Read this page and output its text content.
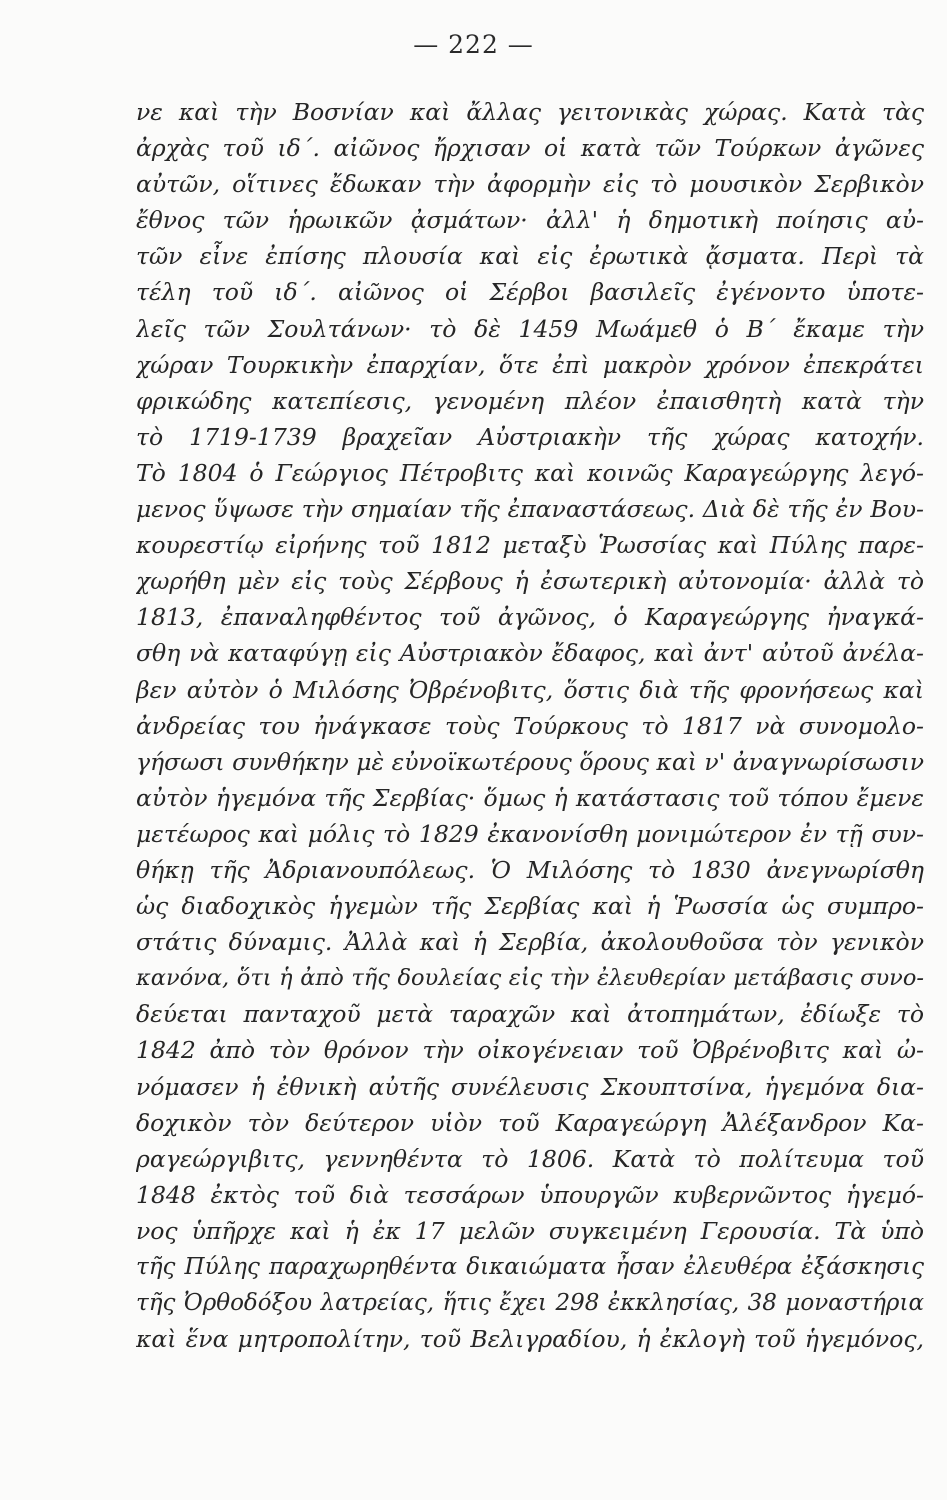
— 222 —
νε καὶ τὴν Βοσνίαν καὶ ἄλλας γειτονικὰς χώρας. Κατὰ τὰς
ἀρχὰς τοῦ ιδ΄. αἰῶνος ἤρχισαν οἱ κατὰ τῶν Τούρκων ἀγῶνες
αὐτῶν, οἵτινες ἔδωκαν τὴν ἀφορμὴν εἰς τὸ μουσικὸν Σερβικὸν
ἔθνος τῶν ἡρωικῶν ᾀσμάτων· ἀλλ' ἡ δημοτικὴ ποίησις αὐ-
τῶν εἶνε ἐπίσης πλουσία καὶ εἰς ἐρωτικὰ ᾄσματα. Περὶ τὰ
τέλη τοῦ ιδ΄. αἰῶνος οἱ Σέρβοι βασιλεῖς ἐγένοντο ὑποτε-
λεῖς τῶν Σουλτάνων· τὸ δὲ 1459 Μωάμεθ ὁ Β΄ ἔκαμε τὴν
χώραν Τουρκικὴν ἐπαρχίαν, ὅτε ἐπὶ μακρὸν χρόνον ἐπεκράτει
φρικώδης κατεπίεσις, γενομένη πλέον ἐπαισθητὴ κατὰ τὴν
τὸ 1719-1739 βραχεῖαν Αὐστριακὴν τῆς χώρας κατοχήν.
Τὸ 1804 ὁ Γεώργιος Πέτροβιτς καὶ κοινῶς Καραγεώργης λεγό-
μενος ὕψωσε τὴν σημαίαν τῆς ἐπαναστάσεως. Διὰ δὲ τῆς ἐν Βου-
κουρεστίῳ εἰρήνης τοῦ 1812 μεταξὺ Ῥωσσίας καὶ Πύλης παρε-
χωρήθη μὲν εἰς τοὺς Σέρβους ἡ ἐσωτερικὴ αὐτονομία· ἀλλὰ τὸ
1813, ἐπαναληφθέντος τοῦ ἀγῶνος, ὁ Καραγεώργης ἠναγκά-
σθη νὰ καταφύγῃ εἰς Αὐστριακὸν ἔδαφος, καὶ ἀντ' αὐτοῦ ἀνέλα-
βεν αὐτὸν ὁ Μιλόσης Ὀβρένοβιτς, ὅστις διὰ τῆς φρονήσεως καὶ
ἀνδρείας του ἠνάγκασε τοὺς Τούρκους τὸ 1817 νὰ συνομολο-
γήσωσι συνθήκην μὲ εὐνοϊκωτέρους ὅρους καὶ ν' ἀναγνωρίσωσιν
αὐτὸν ἡγεμόνα τῆς Σερβίας· ὅμως ἡ κατάστασις τοῦ τόπου ἔμενε
μετέωρος καὶ μόλις τὸ 1829 ἐκανονίσθη μονιμώτερον ἐν τῇ συν-
θήκῃ τῆς Ἀδριανουπόλεως. Ὁ Μιλόσης τὸ 1830 ἀνεγνωρίσθη
ὡς διαδοχικὸς ἡγεμὼν τῆς Σερβίας καὶ ἡ Ῥωσσία ὡς συμπρο-
στάτις δύναμις. Ἀλλὰ καὶ ἡ Σερβία, ἀκολουθοῦσα τὸν γενικὸν
κανόνα, ὅτι ἡ ἀπὸ τῆς δουλείας εἰς τὴν ἐλευθερίαν μετάβασις συνο-
δεύεται πανταχοῦ μετὰ ταραχῶν καὶ ἀτοπημάτων, ἐδίωξε τὸ
1842 ἀπὸ τὸν θρόνον τὴν οἰκογένειαν τοῦ Ὀβρένοβιτς καὶ ὠ-
νόμασεν ἡ ἐθνικὴ αὐτῆς συνέλευσις Σκουπτσίνα, ἡγεμόνα δια-
δοχικὸν τὸν δεύτερον υἱὸν τοῦ Καραγεώργη Ἀλέξανδρον Κα-
ραγεώργιβιτς, γεννηθέντα τὸ 1806. Κατὰ τὸ πολίτευμα τοῦ
1848 ἐκτὸς τοῦ διὰ τεσσάρων ὑπουργῶν κυβερνῶντος ἡγεμό-
νος ὑπῆρχε καὶ ἡ ἐκ 17 μελῶν συγκειμένη Γερουσία. Τὰ ὑπὸ
τῆς Πύλης παραχωρηθέντα δικαιώματα ἦσαν ἐλευθέρα ἐξάσκησις
τῆς Ὀρθοδόξου λατρείας, ἥτις ἔχει 298 ἐκκλησίας, 38 μοναστήρια
καὶ ἕνα μητροπολίτην, τοῦ Βελιγραδίου, ἡ ἐκλογὴ τοῦ ἡγεμόνος,
